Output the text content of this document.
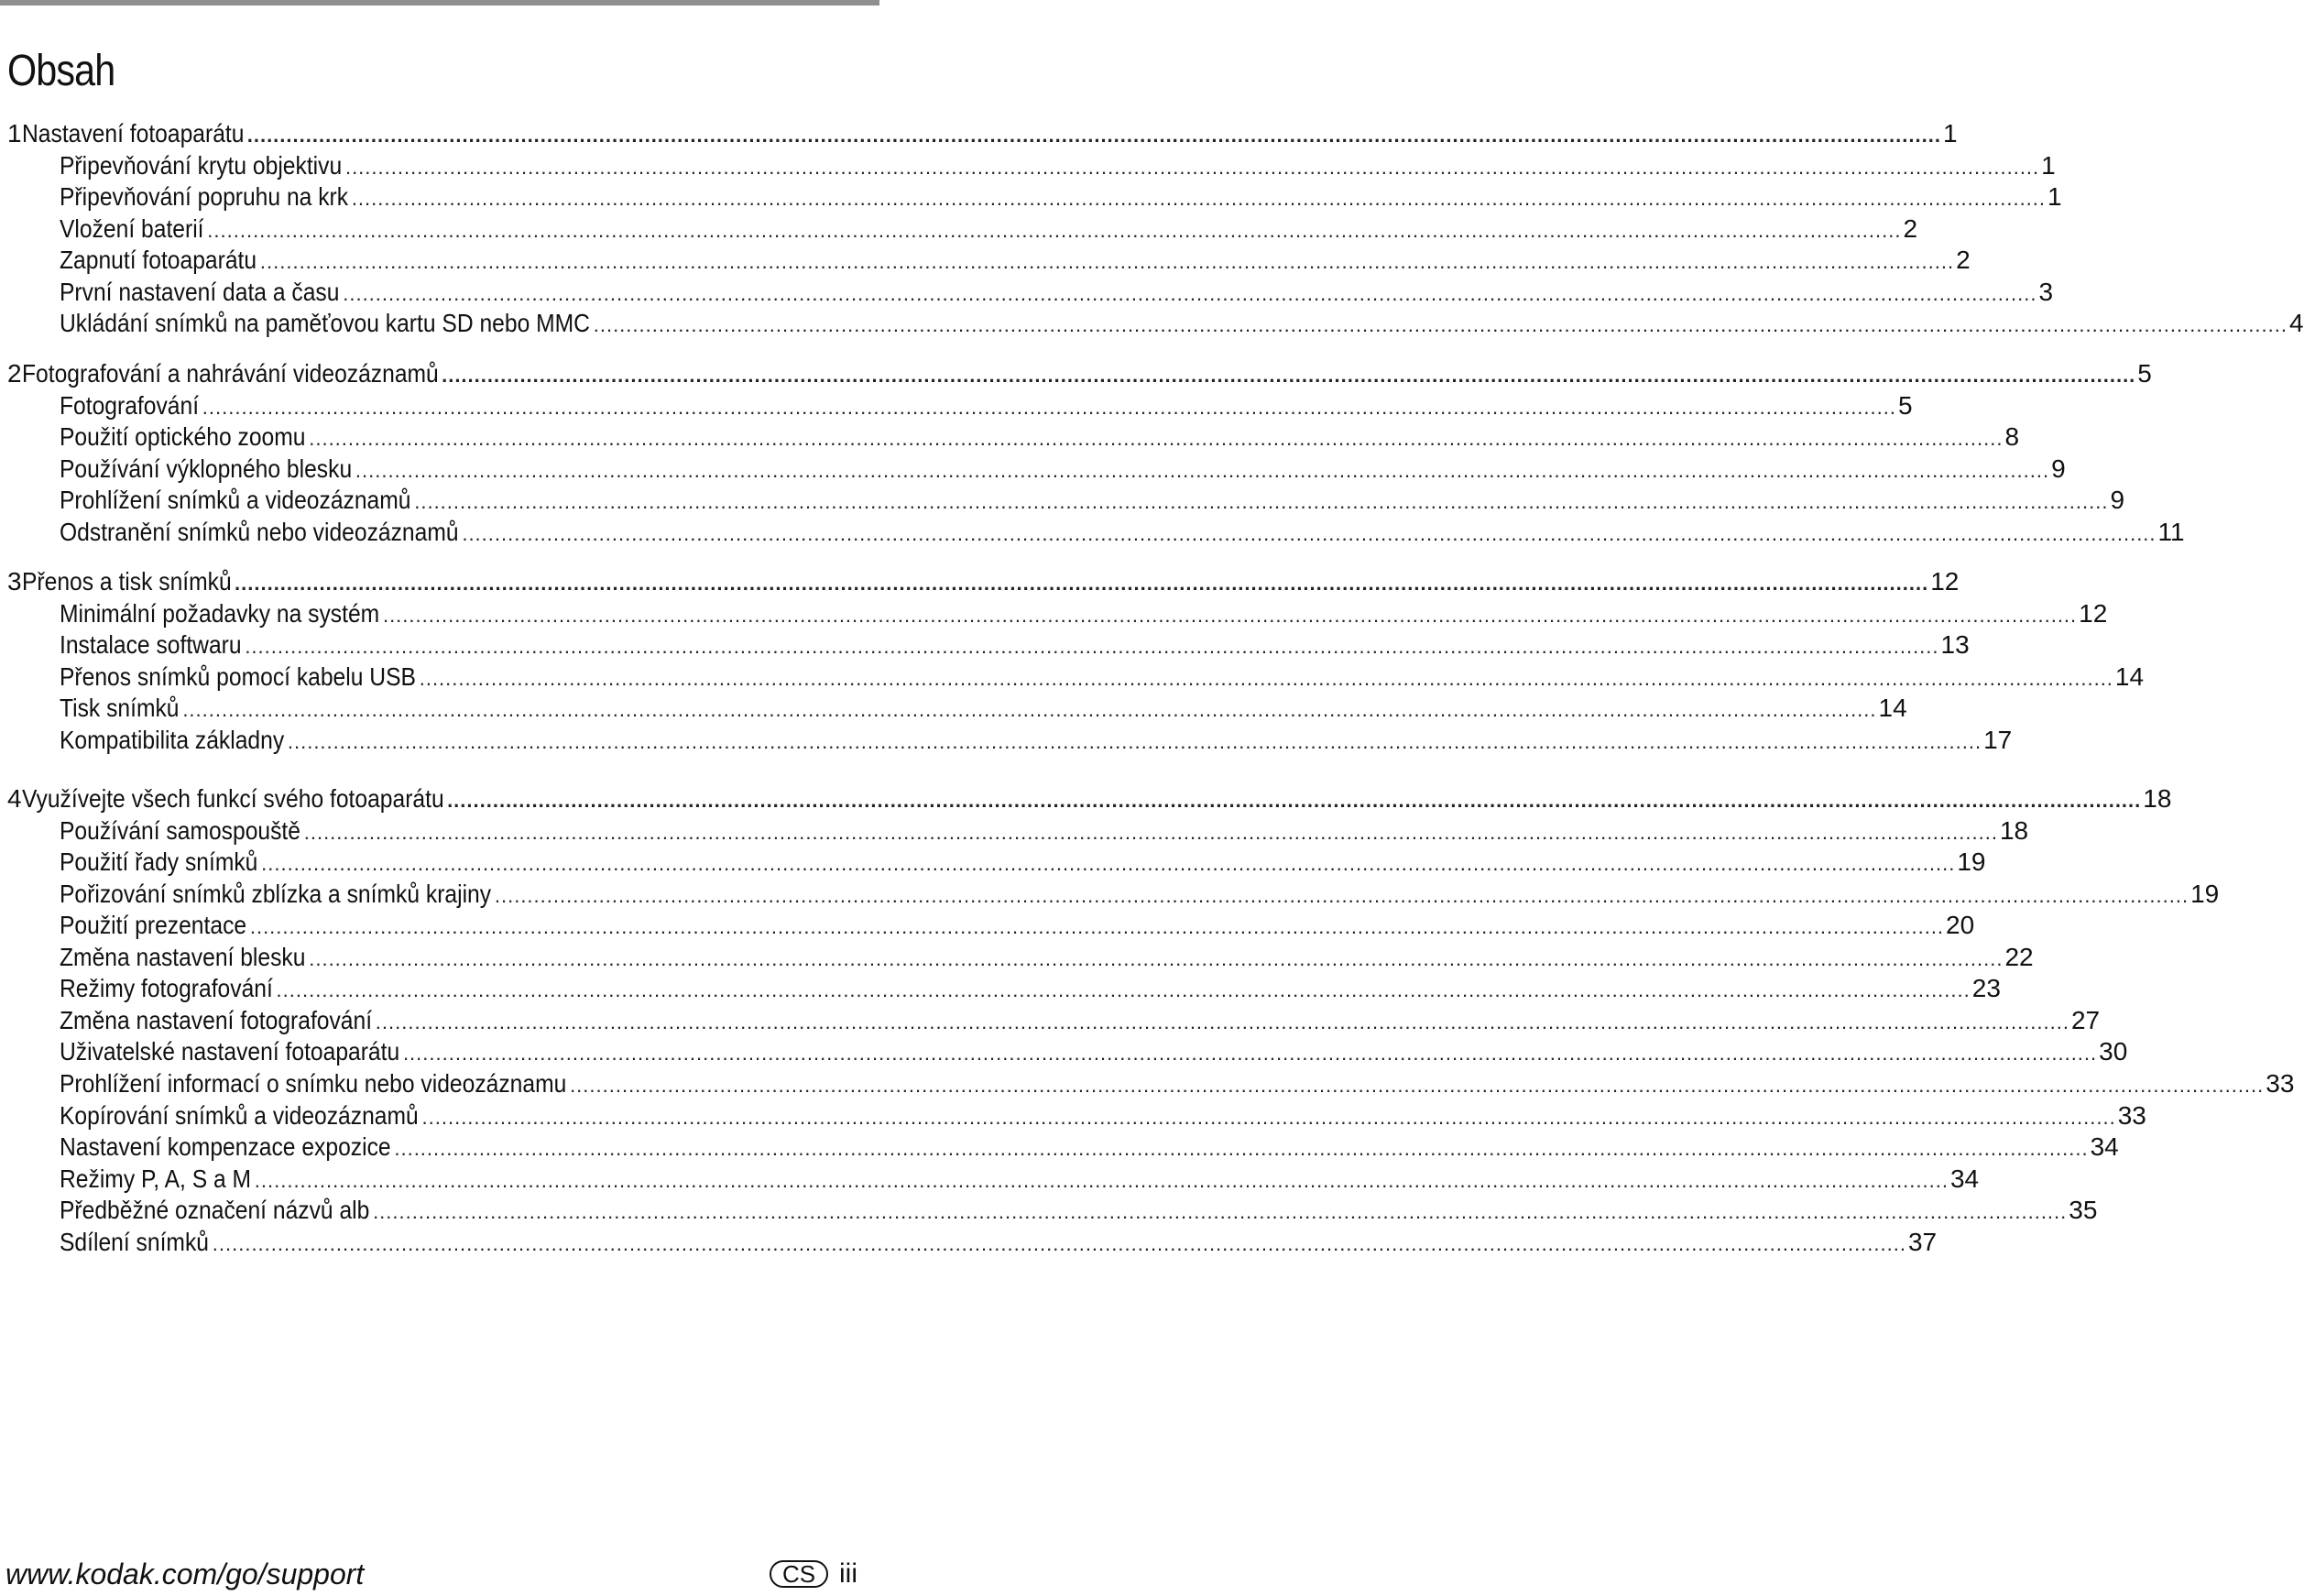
Obsah
1 Nastavení fotoaparátu .................................................................................................................................................................................................................................................................... 1
Připevňování krytu objektivu .................................................................................................................................................................................................................................................................... 1
Připevňování popruhu na krk .................................................................................................................................................................................................................................................................... 1
Vložení baterií .................................................................................................................................................................................................................................................................... 2
Zapnutí fotoaparátu .................................................................................................................................................................................................................................................................... 2
První nastavení data a času .................................................................................................................................................................................................................................................................... 3
Ukládání snímků na paměťovou kartu SD nebo MMC .................................................................................................................................................................................................................................................................... 4
2 Fotografování a nahrávání videozáznamů .................................................................................................................................................................................................................................................................... 5
Fotografování .................................................................................................................................................................................................................................................................... 5
Použití optického zoomu .................................................................................................................................................................................................................................................................... 8
Používání výklopného blesku .................................................................................................................................................................................................................................................................... 9
Prohlížení snímků a videozáznamů .................................................................................................................................................................................................................................................................... 9
Odstranění snímků nebo videozáznamů .................................................................................................................................................................................................................................................................... 11
3 Přenos a tisk snímků .................................................................................................................................................................................................................................................................... 12
Minimální požadavky na systém .................................................................................................................................................................................................................................................................... 12
Instalace softwaru .................................................................................................................................................................................................................................................................... 13
Přenos snímků pomocí kabelu USB .................................................................................................................................................................................................................................................................... 14
Tisk snímků .................................................................................................................................................................................................................................................................... 14
Kompatibilita základny .................................................................................................................................................................................................................................................................... 17
4 Využívejte všech funkcí svého fotoaparátu .................................................................................................................................................................................................................................................................... 18
Používání samospouště .................................................................................................................................................................................................................................................................... 18
Použití řady snímků .................................................................................................................................................................................................................................................................... 19
Pořizování snímků zblízka a snímků krajiny .................................................................................................................................................................................................................................................................... 19
Použití prezentace .................................................................................................................................................................................................................................................................... 20
Změna nastavení blesku .................................................................................................................................................................................................................................................................... 22
Režimy fotografování .................................................................................................................................................................................................................................................................... 23
Změna nastavení fotografování .................................................................................................................................................................................................................................................................... 27
Uživatelské nastavení fotoaparátu .................................................................................................................................................................................................................................................................... 30
Prohlížení informací o snímku nebo videozáznamu .................................................................................................................................................................................................................................................................... 33
Kopírování snímků a videozáznamů .................................................................................................................................................................................................................................................................... 33
Nastavení kompenzace expozice .................................................................................................................................................................................................................................................................... 34
Režimy P, A, S a M .................................................................................................................................................................................................................................................................... 34
Předběžné označení názvů alb .................................................................................................................................................................................................................................................................... 35
Sdílení snímků .................................................................................................................................................................................................................................................................... 37
www.kodak.com/go/support	CS iii
